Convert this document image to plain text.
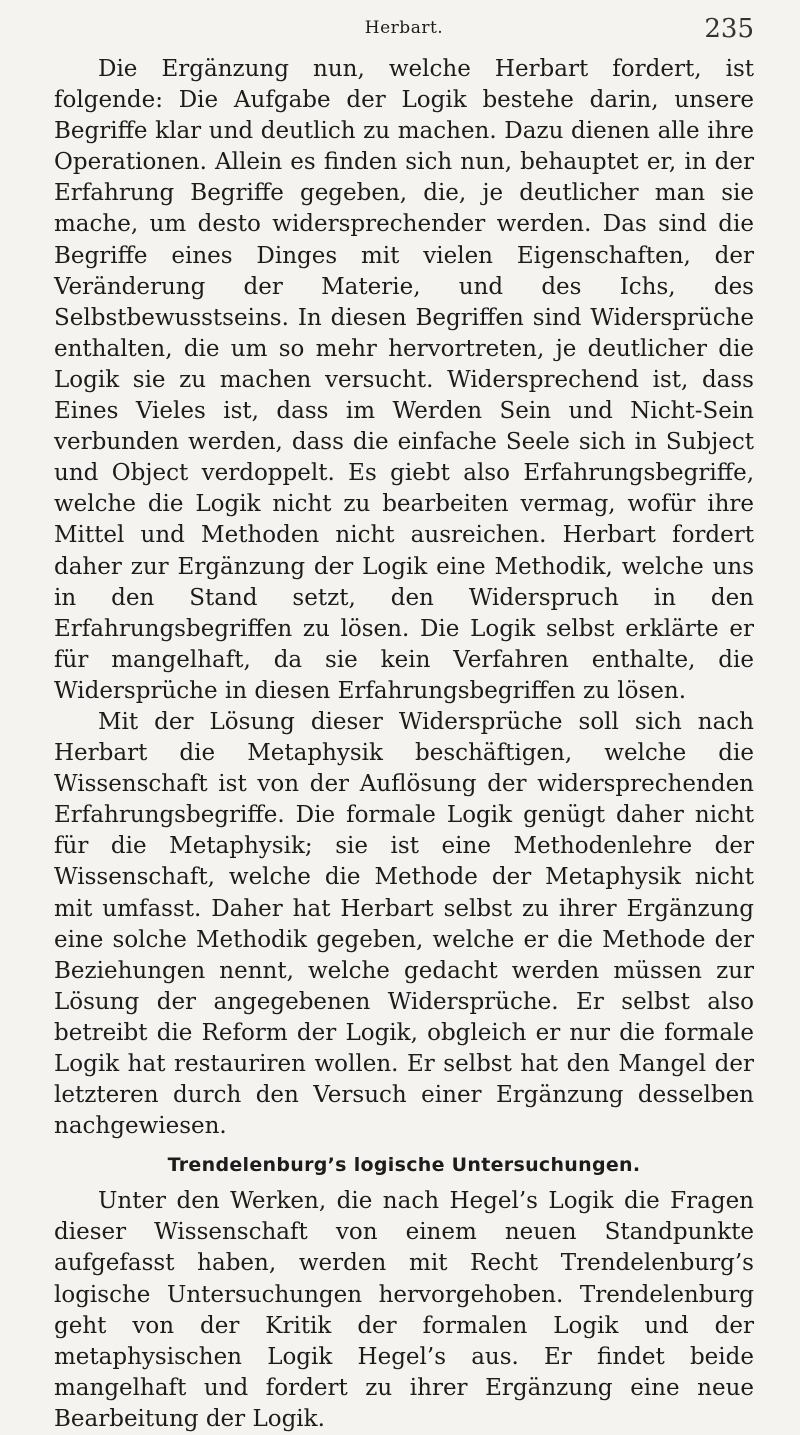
Herbart.	235

Die Ergänzung nun, welche Herbart fordert, ist folgende: Die Aufgabe der Logik bestehe darin, unsere Begriffe klar und deutlich zu machen. Dazu dienen alle ihre Operationen. Allein es finden sich nun, behauptet er, in der Erfahrung Begriffe gegeben, die, je deutlicher man sie mache, um desto widersprechender werden. Das sind die Begriffe eines Dinges mit vielen Eigenschaften, der Veränderung der Materie, und des Ichs, des Selbstbewusstseins. In diesen Begriffen sind Widersprüche enthalten, die um so mehr hervortreten, je deutlicher die Logik sie zu machen versucht. Widersprechend ist, dass Eines Vieles ist, dass im Werden Sein und Nicht-Sein verbunden werden, dass die einfache Seele sich in Subject und Object verdoppelt. Es giebt also Erfahrungsbegriffe, welche die Logik nicht zu bearbeiten vermag, wofür ihre Mittel und Methoden nicht ausreichen. Herbart fordert daher zur Ergänzung der Logik eine Methodik, welche uns in den Stand setzt, den Widerspruch in den Erfahrungsbegriffen zu lösen. Die Logik selbst erklärte er für mangelhaft, da sie kein Verfahren enthalte, die Widersprüche in diesen Erfahrungsbegriffen zu lösen.

Mit der Lösung dieser Widersprüche soll sich nach Herbart die Metaphysik beschäftigen, welche die Wissenschaft ist von der Auflösung der widersprechenden Erfahrungsbegriffe. Die formale Logik genügt daher nicht für die Metaphysik; sie ist eine Methodenlehre der Wissenschaft, welche die Methode der Metaphysik nicht mit umfasst. Daher hat Herbart selbst zu ihrer Ergänzung eine solche Methodik gegeben, welche er die Methode der Beziehungen nennt, welche gedacht werden müssen zur Lösung der angegebenen Widersprüche. Er selbst also betreibt die Reform der Logik, obgleich er nur die formale Logik hat restauriren wollen. Er selbst hat den Mangel der letzteren durch den Versuch einer Ergänzung desselben nachgewiesen.

Trendelenburg’s logische Untersuchungen.

Unter den Werken, die nach Hegel’s Logik die Fragen dieser Wissenschaft von einem neuen Standpunkte aufgefasst haben, werden mit Recht Trendelenburg’s logische Untersuchungen hervorgehoben. Trendelenburg geht von der Kritik der formalen Logik und der metaphysischen Logik Hegel’s aus. Er findet beide mangelhaft und fordert zu ihrer Ergänzung eine neue Bearbeitung der Logik.
